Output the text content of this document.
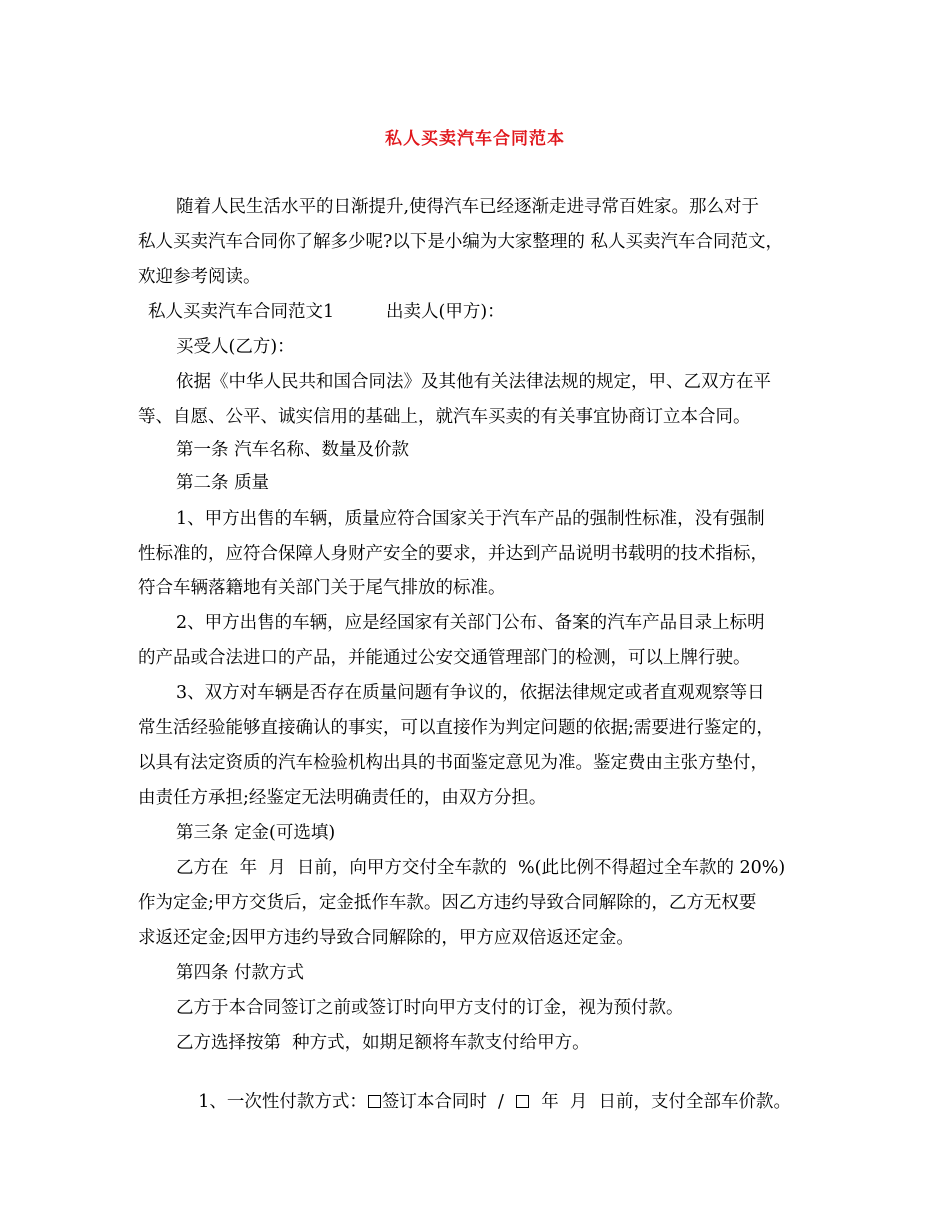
私人买卖汽车合同范本
随着人民生活水平的日渐提升,使得汽车已经逐渐走进寻常百姓家。那么对于
私人买卖汽车合同你了解多少呢?以下是小编为大家整理的 私人买卖汽车合同范文，
欢迎参考阅读。
私人买卖汽车合同范文1	出卖人(甲方)：
买受人(乙方)：
依据《中华人民共和国合同法》及其他有关法律法规的规定，甲、乙双方在平
等、自愿、公平、诚实信用的基础上，就汽车买卖的有关事宜协商订立本合同。
第一条 汽车名称、数量及价款
第二条 质量
1、甲方出售的车辆，质量应符合国家关于汽车产品的强制性标准，没有强制
性标准的，应符合保障人身财产安全的要求，并达到产品说明书载明的技术指标，
符合车辆落籍地有关部门关于尾气排放的标准。
2、甲方出售的车辆，应是经国家有关部门公布、备案的汽车产品目录上标明
的产品或合法进口的产品，并能通过公安交通管理部门的检测，可以上牌行驶。
3、双方对车辆是否存在质量问题有争议的，依据法律规定或者直观观察等日
常生活经验能够直接确认的事实，可以直接作为判定问题的依据;需要进行鉴定的，
以具有法定资质的汽车检验机构出具的书面鉴定意见为准。鉴定费由主张方垫付，
由责任方承担;经鉴定无法明确责任的，由双方分担。
第三条 定金(可选填)
乙方在  年  月  日前，向甲方交付全车款的  %(此比例不得超过全车款的 20%)
作为定金;甲方交货后，定金抵作车款。因乙方违约导致合同解除的，乙方无权要
求返还定金;因甲方违约导致合同解除的，甲方应双倍返还定金。
第四条 付款方式
乙方于本合同签订之前或签订时向甲方支付的订金，视为预付款。
乙方选择按第  种方式，如期足额将车款支付给甲方。

1、一次性付款方式： 签订本合同时  /    年  月  日前，支付全部车价款。
